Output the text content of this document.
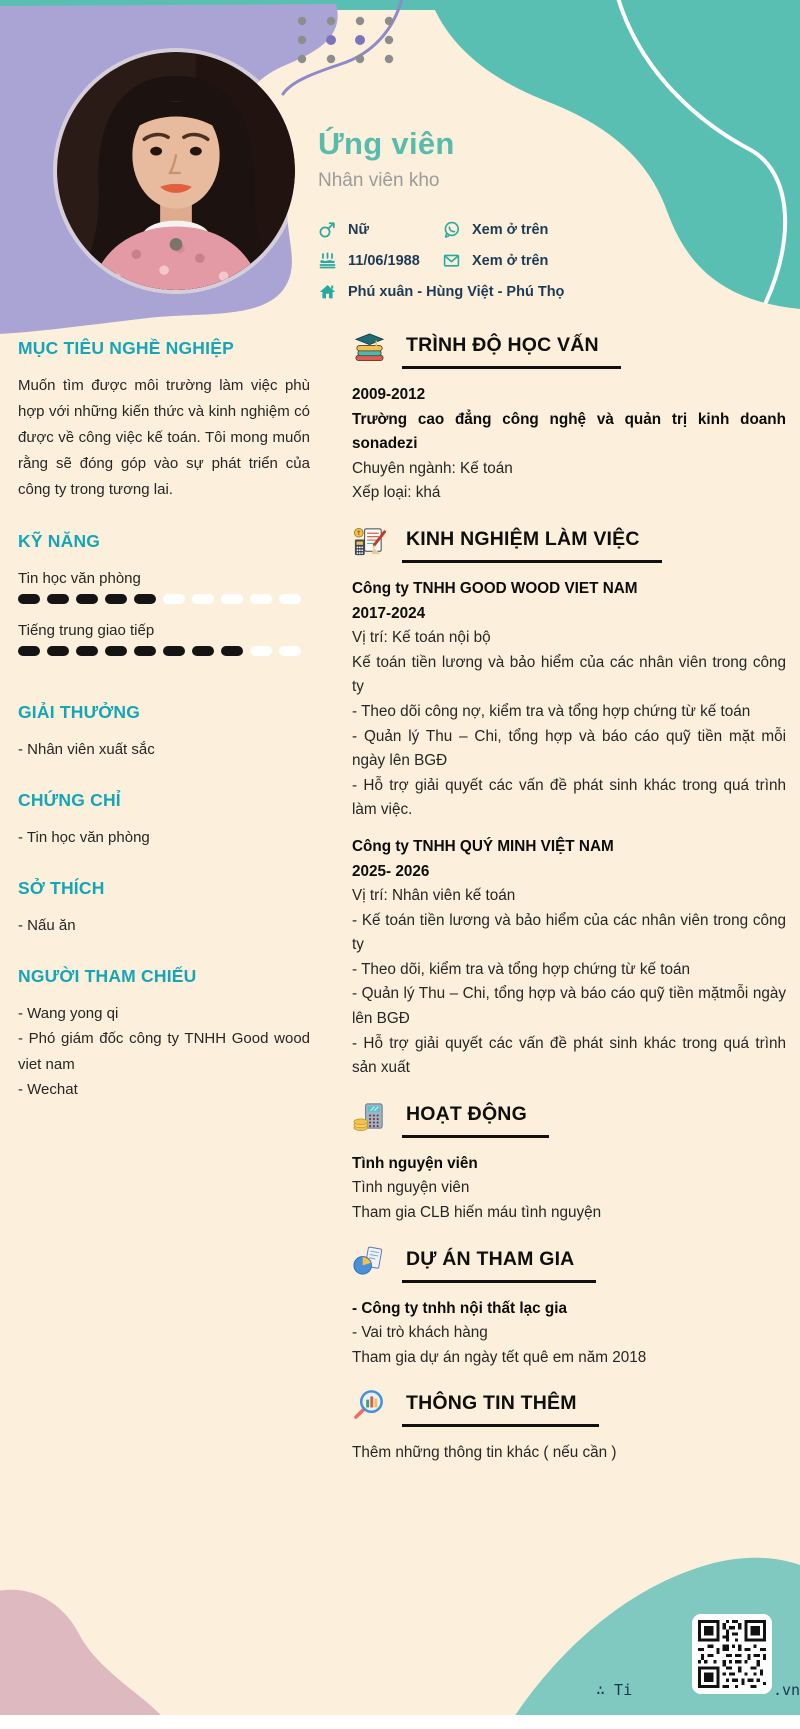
Ứng viên
Nhân viên kho
Nữ	Xem ở trên
11/06/1988	Xem ở trên
Phú xuân - Hùng Việt - Phú Thọ
MỤC TIÊU NGHỀ NGHIỆP

Muốn tìm được môi trường làm việc phù hợp với những kiến thức và kinh nghiệm có được về công việc kế toán. Tôi mong muốn rằng sẽ đóng góp vào sự phát triển của công ty trong tương lai.

KỸ NĂNG
Tin học văn phòng
Tiếng trung giao tiếp
GIẢI THƯỞNG
- Nhân viên xuất sắc
CHỨNG CHỈ
- Tin học văn phòng
SỞ THÍCH
- Nấu ăn
NGƯỜI THAM CHIẾU
- Wang yong qi
- Phó giám đốc công ty TNHH Good wood viet nam
- Wechat
TRÌNH ĐỘ HỌC VẤN
2009-2012
Trường cao đẳng công nghệ và quản trị kinh doanh sonadezi
Chuyên ngành: Kế toán
Xếp loại: khá
KINH NGHIỆM LÀM VIỆC
Công ty TNHH GOOD WOOD VIET NAM
2017-2024
Vị trí: Kế toán nội bộ
Kế toán tiền lương và bảo hiểm của các nhân viên trong công ty
- Theo dõi công nợ, kiểm tra và tổng hợp chứng từ kế toán
- Quản lý Thu – Chi, tổng hợp và báo cáo quỹ tiền mặt mỗi ngày lên BGĐ
- Hỗ trợ giải quyết các vấn đề phát sinh khác trong quá trình làm việc.
Công ty TNHH QUÝ MINH VIỆT NAM
2025- 2026
Vị trí: Nhân viên kế toán
- Kế toán tiền lương và bảo hiểm của các nhân viên trong công ty
- Theo dõi, kiểm tra và tổng hợp chứng từ kế toán
- Quản lý Thu – Chi, tổng hợp và báo cáo quỹ tiền mặtmỗi ngày lên BGĐ
- Hỗ trợ giải quyết các vấn đề phát sinh khác trong quá trình sản xuất
HOẠT ĐỘNG
Tình nguyện viên
Tình nguyện viên
Tham gia CLB hiến máu tình nguyện
DỰ ÁN THAM GIA
- Công ty tnhh nội thất lạc gia
- Vai trò khách hàng
Tham gia dự án ngày tết quê em năm 2018
THÔNG TIN THÊM
Thêm những thông tin khác ( nếu cần )
∴ Ti	.vn
